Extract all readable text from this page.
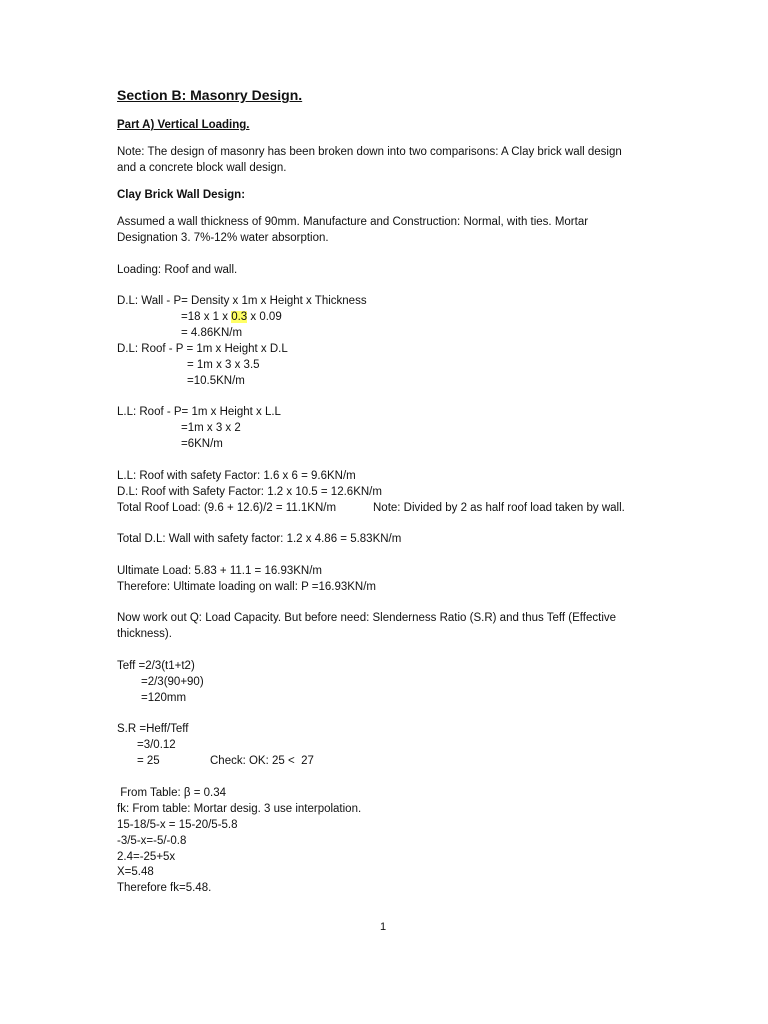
Section B: Masonry Design.
Part A) Vertical Loading.
Note: The design of masonry has been broken down into two comparisons: A Clay brick wall design
and a concrete block wall design.
Clay Brick Wall Design:
Assumed a wall thickness of 90mm. Manufacture and Construction: Normal, with ties. Mortar
Designation 3. 7%-12% water absorption.
Loading: Roof and wall.
D.L: Wall - P= Density x 1m x Height x Thickness
=18 x 1 x 0.3 x 0.09
= 4.86KN/m
D.L: Roof - P = 1m x Height x D.L
= 1m x 3 x 3.5
=10.5KN/m
L.L: Roof - P= 1m x Height x L.L
=1m x 3 x 2
=6KN/m
L.L: Roof with safety Factor: 1.6 x 6 = 9.6KN/m
D.L: Roof with Safety Factor: 1.2 x 10.5 = 12.6KN/m
Total Roof Load: (9.6 + 12.6)/2 = 11.1KN/m	Note: Divided by 2 as half roof load taken by wall.
Total D.L: Wall with safety factor: 1.2 x 4.86 = 5.83KN/m
Ultimate Load: 5.83 + 11.1 = 16.93KN/m
Therefore: Ultimate loading on wall: P =16.93KN/m
Now work out Q: Load Capacity. But before need: Slenderness Ratio (S.R) and thus Teff (Effective
thickness).
Teff =2/3(t1+t2)
=2/3(90+90)
=120mm
S.R =Heff/Teff
=3/0.12
= 25	Check: OK: 25 <  27
From Table: β = 0.34
fk: From table: Mortar desig. 3 use interpolation.
15-18/5-x = 15-20/5-5.8
-3/5-x=-5/-0.8
2.4=-25+5x
X=5.48
Therefore fk=5.48.
1
